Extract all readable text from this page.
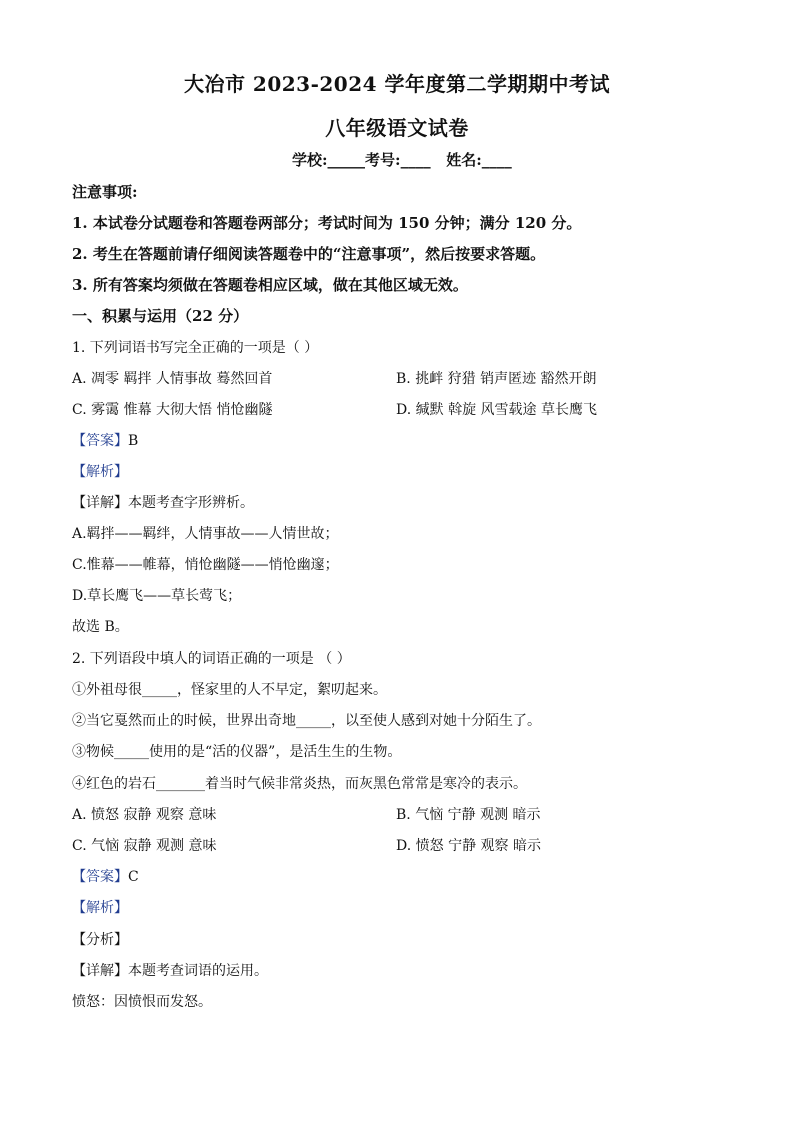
大冶市 2023-2024 学年度第二学期期中考试
八年级语文试卷
学校:_____考号:____   姓名:____
注意事项:
1. 本试卷分试题卷和答题卷两部分；考试时间为 150 分钟；满分 120 分。
2. 考生在答题前请仔细阅读答题卷中的“注意事项”，然后按要求答题。
3. 所有答案均须做在答题卷相应区域，做在其他区域无效。
一、积累与运用（22 分）
1. 下列词语书写完全正确的一项是（ ）
A. 凋零 羁拌 人情事故 蓦然回首	B. 挑衅 狩猎 销声匿迹 豁然开朗
C. 雾霭 惟幕 大彻大悟 悄怆幽隧	D. 缄默 斡旋 风雪载途 草长鹰飞
【答案】B
【解析】
【详解】本题考查字形辨析。
A.羁拌——羁绊，人情事故——人情世故；
C.惟幕——帷幕，悄怆幽隧——悄怆幽邃；
D.草长鹰飞——草长莺飞；
故选 B。
2. 下列语段中填人的词语正确的一项是 （ ）
①外祖母很_____，怪家里的人不早定，絮叨起来。
②当它戛然而止的时候，世界出奇地_____，以至使人感到对她十分陌生了。
③物候_____使用的是“活的仪器”，是活生生的生物。
④红色的岩石_______着当时气候非常炎热，而灰黑色常常是寒冷的表示。
A. 愤怒 寂静 观察 意味	B. 气恼 宁静 观测 暗示
C. 气恼 寂静 观测 意味	D. 愤怒 宁静 观察 暗示
【答案】C
【解析】
【分析】
【详解】本题考查词语的运用。
愤怒：因愤恨而发怒。
